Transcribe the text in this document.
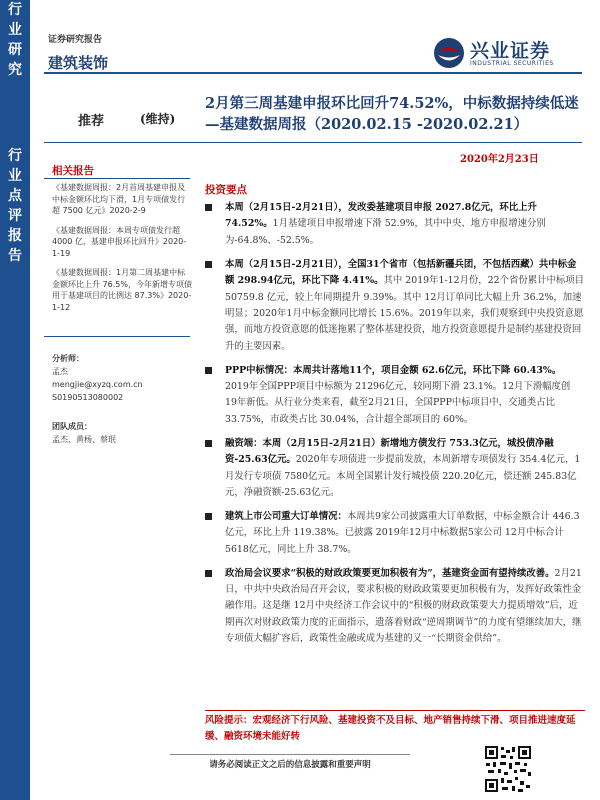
行
业
研
究
行
业
点
评
报
告
证券研究报告
建筑装饰
兴业证券
INDUSTRIAL SECURITIES
推荐	(维持)
2月第三周基建申报环比回升74.52%，中标数据持续低迷—基建数据周报（2020.02.15 -2020.02.21）
2020年2月23日
相关报告
《基建数据周报：2月首周基建申报及中标金额环比均下滑，1月专项债发行超 7500 亿元》2020-2-9
《基建数据周报：本周专项债发行超 4000 亿，基建申报环比回升》2020-1-19
《基建数据周报：1月第二周基建中标金额环比上升 76.5%，今年新增专项债用于基建项目的比例达 87.3%》2020-1-12
分析师：
孟杰
mengjie@xyzq.com.cn
S0190513080002
团队成员：
孟杰、黄杨、蔡珉
投资要点
本周（2月15日-2月21日），发改委基建项目申报 2027.8亿元，环比上升 74.52%。1月基建项目申报增速下滑 52.9%，其中中央、地方申报增速分别为-64.8%、-52.5%。
本周（2月15日-2月21日），全国31个省市（包括新疆兵团，不包括西藏）共中标金额 298.94亿元，环比下降 4.41%。其中 2019年1-12月份，22个省份累计中标项目 50759.8 亿元，较上年同期提升 9.39%。其中 12月订单同比大幅上升 36.2%，加速明显；2020年1月中标金额同比增长 15.6%。2019年以来，我们观察到中央投资意愿强，而地方投资意愿的低迷拖累了整体基建投资，地方投资意愿提升是制约基建投资回升的主要因素。
PPP中标情况：本周共计落地11个，项目金额 62.6亿元，环比下降 60.43%。2019年全国PPP项目中标额为 21296亿元，较同期下滑 23.1%。12月下滑幅度创 19年新低。从行业分类来看，截至2月21日，全国PPP中标项目中，交通类占比 33.75%，市政类占比 30.04%，合计超全部项目的 60%。
融资端：本周（2月15日-2月21日）新增地方债发行 753.3亿元，城投债净融资-25.63亿元。2020年专项债进一步提前发放，本周新增专项债发行 354.4亿元，1月发行专项债 7580亿元。本周全国累计发行城投债 220.20亿元，偿还额 245.83亿元，净融资额-25.63亿元。
建筑上市公司重大订单情况：本周共9家公司披露重大订单数据，中标金额合计 446.3亿元，环比上升 119.38%。已披露 2019年12月中标数据5家公司 12月中标合计 5618亿元，同比上升 38.7%。
政治局会议要求“积极的财政政策要更加积极有为”，基建资金面有望持续改善。2月21日，中共中央政治局召开会议，要求积极的财政政策要更加积极有为，发挥好政策性金融作用。这是继 12月中央经济工作会议中的“积极的财政政策要大力提质增效”后，近期再次对财政政策力度的正面指示，遗落着财政“逆周期调节”的力度有望继续加大，继专项债大幅扩容后，政策性金融或成为基建的又一“长期资金供给”。
风险提示：宏观经济下行风险、基建投资不及目标、地产销售持续下滑、项目推进速度延缓、融资环境未能好转
请务必阅读正文之后的信息披露和重要声明
